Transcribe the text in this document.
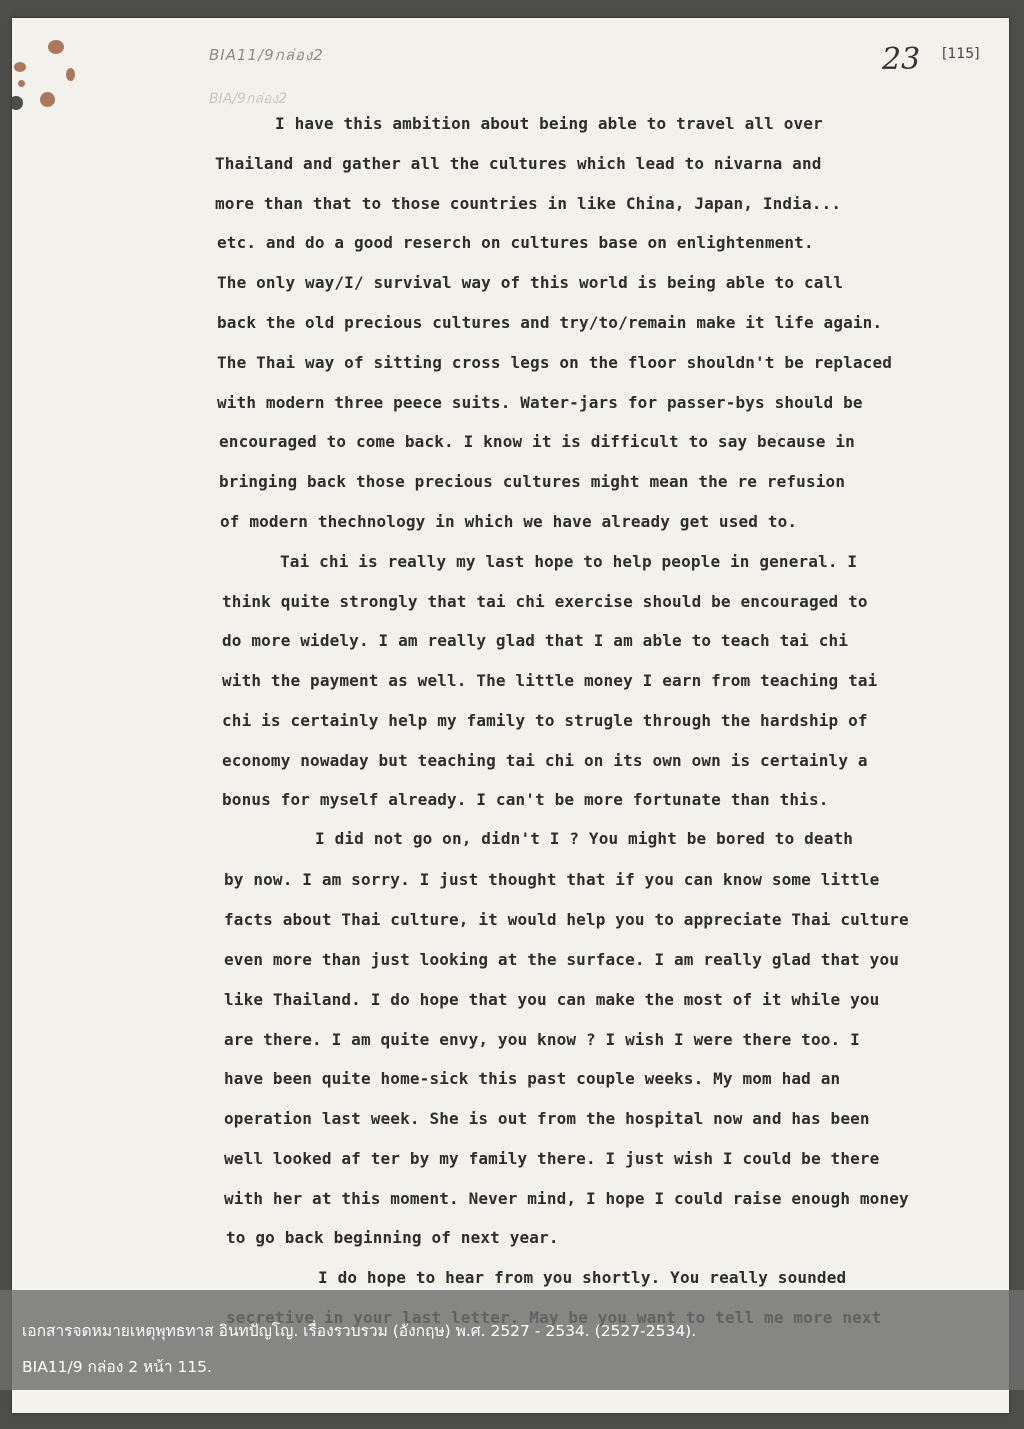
BIA11/9กล่อง2
BIA/9กล่อง2
23 [115]
I have this ambition about being able to travel all over
Thailand and gather all the cultures which lead to nivarna and
more than that to those countries in like China, Japan, India...
etc. and do a good reserch on cultures base on enlightenment.
The only way/I/ survival way of this world is being able to call
back the old precious cultures and try/to/remain make it life again.
The Thai way of sitting cross legs on the floor shouldn't be replaced
with modern three peece suits. Water-jars for passer-bys should be
encouraged to come back. I know it is difficult to say because in
bringing back those precious cultures might mean the re refusion
of modern thechnology in which we have already get used to.
Tai chi is really my last hope to help people in general. I
think quite strongly that tai chi exercise should be encouraged to
do more widely. I am really glad that I am able to teach tai chi
with the payment as well. The little money I earn from teaching tai
chi is certainly help my family to strugle through the hardship of
economy nowaday but teaching tai chi on its own own is certainly a
bonus for myself already. I can't be more fortunate than this.
I did not go on, didn't I ? You might be bored to death
by now. I am sorry. I just thought that if you can know some little
facts about Thai culture, it would help you to appreciate Thai culture
even more than just looking at the surface. I am really glad that you
like Thailand. I do hope that you can make the most of it while you
are there. I am quite envy, you know ? I wish I were there too. I
have been quite home-sick this past couple weeks. My mom had an
operation last week. She is out from the hospital now and has been
well looked af ter by my family there. I just wish I could be there
with her at this moment. Never mind, I hope I could raise enough money
to go back beginning of next year.
I do hope to hear from you shortly. You really sounded
เอกสารจดหมายเหตุพุทธทาส อินทปัญโญ. เรื่องรวบรวม (อังกฤษ) พ.ศ. 2527 - 2534. (2527-2534).
BIA11/9 กล่อง 2 หน้า 115.
